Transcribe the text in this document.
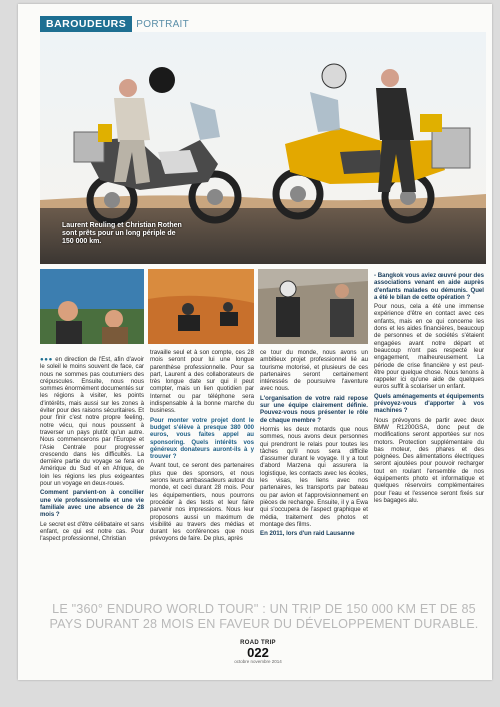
BAROUDEURS	PORTRAIT
Laurent Reuling et Christian Rothen sont prêts pour un long périple de 150 000 km.

●●● en direction de l'Est, afin d'avoir le soleil le moins souvent de face, car nous ne sommes pas coutumiers des crépuscules. Ensuite, nous nous sommes énormément documentés sur les régions à visiter, les points d'intérêts, mais aussi sur les zones à éviter pour des raisons sécuritaires. Et pour finir c'est notre propre feeling, notre vécu, qui nous poussent à traverser un pays plutôt qu'un autre. Nous commencerons par l'Europe et l'Asie Centrale pour progresser crescendo dans les difficultés. La dernière partie du voyage se fera en Amérique du Sud et en Afrique, de loin les régions les plus exigeantes pour un voyage en deux-roues.

Comment parvient-on à concilier une vie professionnelle et une vie familiale avec une absence de 28 mois ?

Le secret est d'être célibataire et sans enfant, ce qui est notre cas. Pour l'aspect professionnel, Christian

travaille seul et à son compte, ces 28 mois seront pour lui une longue parenthèse professionnelle. Pour sa part, Laurent a des collaborateurs de très longue date sur qui il peut compter, mais un lien quotidien par Internet ou par téléphone sera indispensable à la bonne marche du business.

Pour monter votre projet dont le budget s'élève à presque 380 000 euros, vous faites appel au sponsoring. Quels intérêts vos généreux donateurs auront-ils à y trouver ?

Avant tout, ce seront des partenaires plus que des sponsors, et nous serons leurs ambassadeurs autour du monde, et ceci durant 28 mois. Pour les équipementiers, nous pourrons procéder à des tests et leur faire parvenir nos impressions. Nous leur proposons aussi un maximum de visibilité au travers des médias et durant les conférences que nous prévoyons de faire. De plus, après

ce tour du monde, nous avons un ambitieux projet professionnel lié au tourisme motorisé, et plusieurs de ces partenaires seront certainement intéressés de poursuivre l'aventure avec nous.

L'organisation de votre raid repose sur une équipe clairement définie. Pouvez-vous nous présenter le rôle de chaque membre ?

Hormis les deux motards que nous sommes, nous avons deux personnes qui prendront le relais pour toutes les tâches qu'il nous sera difficile d'assumer durant le voyage. Il y a tout d'abord Marzena qui assurera la logistique, les contacts avec les écoles, les visas, les liens avec nos partenaires, les transports par bateau ou par avion et l'approvisionnement en pièces de rechange. Ensuite, il y a Ewa qui s'occupera de l'aspect graphique et média, traitement des photos et montage des films.

En 2011, lors d'un raid Lausanne

- Bangkok vous aviez œuvré pour des associations venant en aide auprès d'enfants malades ou démunis. Quel a été le bilan de cette opération ?

Pour nous, cela a été une immense expérience d'être en contact avec ces enfants, mais en ce qui concerne les dons et les aides financières, beaucoup de personnes et de sociétés s'étaient engagées avant notre départ et beaucoup n'ont pas respecté leur engagement, malheureusement. La période de crise financière y est peut-être pour quelque chose. Nous tenons à rappeler ici qu'une aide de quelques euros suffit à scolariser un enfant.

Quels aménagements et équipements prévoyez-vous d'apporter à vos machines ?

Nous prévoyons de partir avec deux BMW R1200GSA, donc peut de modifications seront apportées sur nos motors. Protection supplémentaire du bas moteur, des phares et des poignées. Des alimentations électriques seront ajoutées pour pouvoir recharger tout en roulant l'ensemble de nos équipements photo et informatique et quelques réservoirs complémentaires pour l'eau et l'essence seront fixés sur les bagages alu.

LE "360° ENDURO WORLD TOUR" : UN TRIP DE 150 000 KM ET DE 85 PAYS DURANT 28 MOIS EN FAVEUR DU DÉVELOPPEMENT DURABLE.
ROAD TRIP
022
octobre novembre 2014
